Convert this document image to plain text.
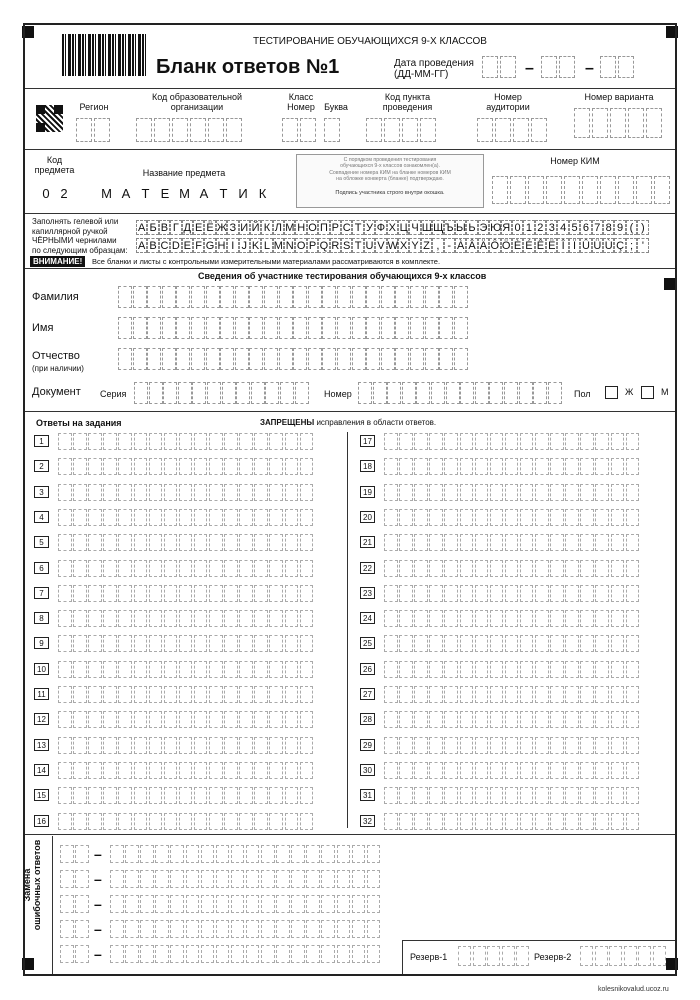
ТЕСТИРОВАНИЕ ОБУЧАЮЩИХСЯ 9-Х КЛАССОВ
Бланк ответов №1	Дата проведения
(ДД-ММ-ГГ)	–	–
Регион
Код образовательной организации
Класс Номер	Буква
Код пункта проведения
Номер аудитории
Номер варианта
Код предмета	Название предмета
0 2	М А Т Е М А Т И К
С порядком проведения тестирования
обучающихся 9-х классов ознакомлен(а).
Совпадение номера КИМ на бланке номеров КИМ
на обложке конверта (бланке) подтверждаю.
Подпись участника строго внутри окошка.
Номер КИМ
Заполнять гелевой или
капиллярной ручкой
ЧЁРНЫМИ чернилами
по следующим образцам:
А Б В Г Д Е Ё Ж З И Й К Л М Н О П Р С Т У Ф Х Ц Ч ШЩЪ Ы Ь Э ЮЯ 0 1 2 3 4 5 6 7 8 9 ( )
A B C D E F G H I J K L M N O P Q R S T U V W X Y Z , - À Â Ä Ô Ö È É Ê Ë Î Ï Û Ü Ù Ç ; '
ВНИМАНИЕ!	Все бланки и листы с контрольными измерительными материалами рассматриваются в комплекте.
Сведения об участнике тестирования обучающихся 9-х классов
Фамилия
Имя
Отчество
(при наличии)
Документ Серия	Номер	Пол	Ж	М
Ответы на задания	ЗАПРЕЩЕНЫ исправления в области ответов.
1
2
3
4
5
6
7
8
9
10
11
12
13
14
15
16
17
18
19
20
21
22
23
24
25
26
27
28
29
30
31
32
Замена ошибочных ответов	–
–
–
–
–	Резерв-1	Резерв-2
kolesnikovalud.ucoz.ru
